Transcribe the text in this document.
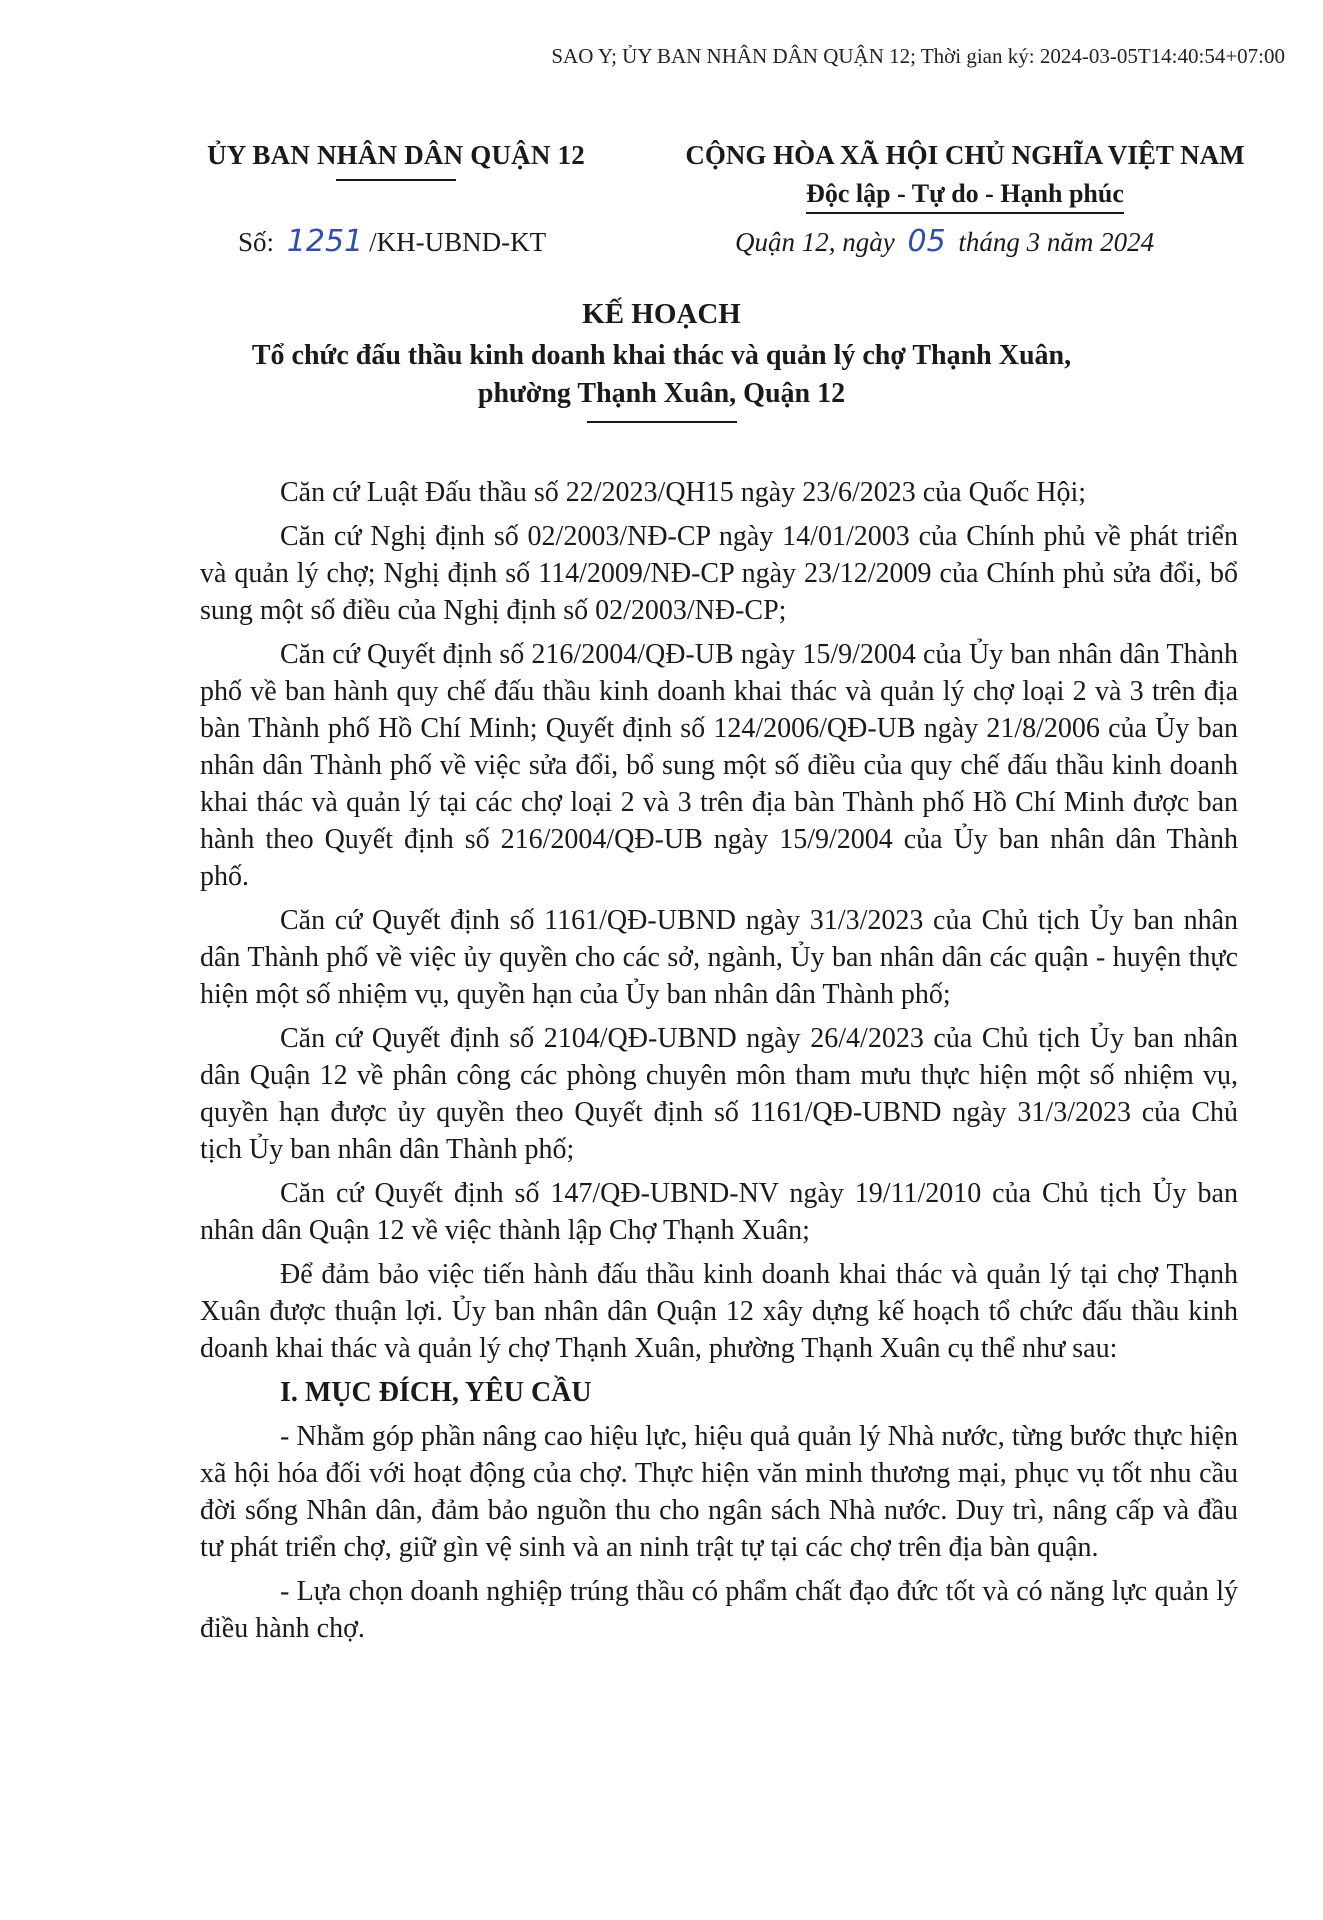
SAO Y; ỦY BAN NHÂN DÂN QUẬN 12; Thời gian ký: 2024-03-05T14:40:54+07:00
ỦY BAN NHÂN DÂN QUẬN 12	CỘNG HÒA XÃ HỘI CHỦ NGHĨA VIỆT NAM
Độc lập - Tự do - Hạnh phúc
Số: 1251 /KH-UBND-KT	Quận 12, ngày 05 tháng 3 năm 2024
KẾ HOẠCH
Tổ chức đấu thầu kinh doanh khai thác và quản lý chợ Thạnh Xuân,
phường Thạnh Xuân, Quận 12

Căn cứ Luật Đấu thầu số 22/2023/QH15 ngày 23/6/2023 của Quốc Hội;

Căn cứ Nghị định số 02/2003/NĐ-CP ngày 14/01/2003 của Chính phủ về phát triển và quản lý chợ; Nghị định số 114/2009/NĐ-CP ngày 23/12/2009 của Chính phủ sửa đổi, bổ sung một số điều của Nghị định số 02/2003/NĐ-CP;

Căn cứ Quyết định số 216/2004/QĐ-UB ngày 15/9/2004 của Ủy ban nhân dân Thành phố về ban hành quy chế đấu thầu kinh doanh khai thác và quản lý chợ loại 2 và 3 trên địa bàn Thành phố Hồ Chí Minh; Quyết định số 124/2006/QĐ-UB ngày 21/8/2006 của Ủy ban nhân dân Thành phố về việc sửa đổi, bổ sung một số điều của quy chế đấu thầu kinh doanh khai thác và quản lý tại các chợ loại 2 và 3 trên địa bàn Thành phố Hồ Chí Minh được ban hành theo Quyết định số 216/2004/QĐ-UB ngày 15/9/2004 của Ủy ban nhân dân Thành phố.

Căn cứ Quyết định số 1161/QĐ-UBND ngày 31/3/2023 của Chủ tịch Ủy ban nhân dân Thành phố về việc ủy quyền cho các sở, ngành, Ủy ban nhân dân các quận - huyện thực hiện một số nhiệm vụ, quyền hạn của Ủy ban nhân dân Thành phố;

Căn cứ Quyết định số 2104/QĐ-UBND ngày 26/4/2023 của Chủ tịch Ủy ban nhân dân Quận 12 về phân công các phòng chuyên môn tham mưu thực hiện một số nhiệm vụ, quyền hạn được ủy quyền theo Quyết định số 1161/QĐ-UBND ngày 31/3/2023 của Chủ tịch Ủy ban nhân dân Thành phố;

Căn cứ Quyết định số 147/QĐ-UBND-NV ngày 19/11/2010 của Chủ tịch Ủy ban nhân dân Quận 12 về việc thành lập Chợ Thạnh Xuân;

Để đảm bảo việc tiến hành đấu thầu kinh doanh khai thác và quản lý tại chợ Thạnh Xuân được thuận lợi. Ủy ban nhân dân Quận 12 xây dựng kế hoạch tổ chức đấu thầu kinh doanh khai thác và quản lý chợ Thạnh Xuân, phường Thạnh Xuân cụ thể như sau:

I. MỤC ĐÍCH, YÊU CẦU

- Nhằm góp phần nâng cao hiệu lực, hiệu quả quản lý Nhà nước, từng bước thực hiện xã hội hóa đối với hoạt động của chợ. Thực hiện văn minh thương mại, phục vụ tốt nhu cầu đời sống Nhân dân, đảm bảo nguồn thu cho ngân sách Nhà nước. Duy trì, nâng cấp và đầu tư phát triển chợ, giữ gìn vệ sinh và an ninh trật tự tại các chợ trên địa bàn quận.

- Lựa chọn doanh nghiệp trúng thầu có phẩm chất đạo đức tốt và có năng lực quản lý điều hành chợ.
